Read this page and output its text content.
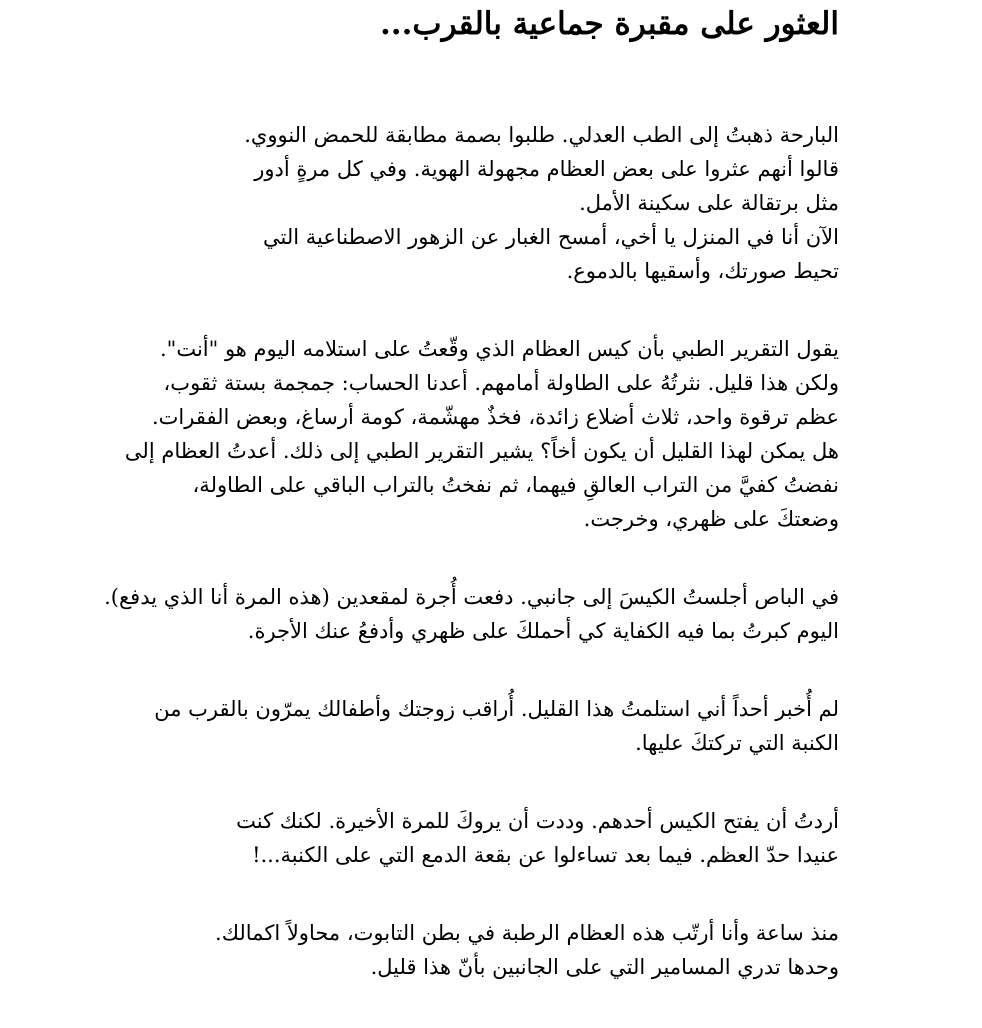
العثور على مقبرة جماعية بالقرب...
البارحة ذهبتُ إلى الطب العدلي. طلبوا بصمة مطابقة للحمض النووي.
قالوا أنهم عثروا على بعض العظام مجهولة الهوية. وفي كل مرةٍ أدور
مثل برتقالة على سكينة الأمل.
الآن أنا في المنزل يا أخي، أمسح الغبار عن الزهور الاصطناعية التي
تحيط صورتك، وأسقيها بالدموع.
يقول التقرير الطبي بأن كيس العظام الذي وقّعتُ على استلامه اليوم هو "أنت".
ولكن هذا قليل. نثرتُهُ على الطاولة أمامهم. أعدنا الحساب: جمجمة بستة ثقوب،
عظم ترقوة واحد، ثلاث أضلاع زائدة، فخذٌ مهشّمة، كومة أرساغ، وبعض الفقرات.
هل يمكن لهذا القليل أن يكون أخاً؟ يشير التقرير الطبي إلى ذلك. أعدتُ العظام إلى
نفضتُ كفيَّ من التراب العالقِ فيهما، ثم نفختُ بالتراب الباقي على الطاولة،
وضعتكَ على ظهري، وخرجت.
في الباص أجلستُ الكيسَ إلى جانبي. دفعت أُجرة لمقعدين (هذه المرة أنا الذي يدفع).
اليوم كبرتُ بما فيه الكفاية كي أحملكَ على ظهري وأدفعُ عنك الأجرة.
لم أُخبر أحداً أني استلمتُ هذا القليل. أُراقب زوجتك وأطفالك يمرّون بالقرب من
الكنبة التي تركتكَ عليها.
أردتُ أن يفتح الكيس أحدهم. وددت أن يروكَ للمرة الأخيرة. لكنك كنت
عنيدا حدّ العظم. فيما بعد تساءلوا عن بقعة الدمع التي على الكنبة...!
منذ ساعة وأنا أرتّب هذه العظام الرطبة في بطن التابوت، محاولاً اكمالك.
وحدها تدري المسامير التي على الجانبين بأنّ هذا قليل.
